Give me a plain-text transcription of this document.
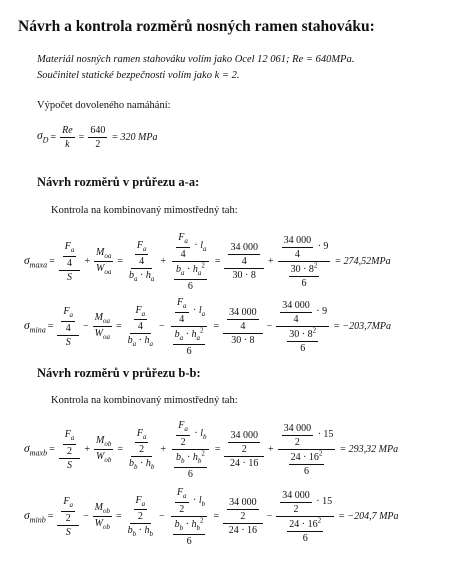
Návrh a kontrola rozměrů nosných ramen stahováku:
Materiál nosných ramen stahováku volím jako Ocel 12 061; Re = 640MPa.
Součinitel statické bezpečnosti volím jako k = 2.
Výpočet dovoleného namáhání:
$\sigma_D = \frac{Re}{k} = \frac{640}{2} = 320$ MPa
Návrh rozměrů v průřezu a-a:
Kontrola na kombinovaný mimostředný tah:
$\sigma_{maxa} = \frac{\frac{F_a}{4}}{S} + \frac{M_{oa}}{W_{oa}} = \frac{\frac{F_a}{4}}{b_a \cdot h_a} + \frac{\frac{F_a}{4} \cdot l_a}{\frac{b_a \cdot h_a^2}{6}} = \frac{\frac{34 000}{4}}{30 \cdot 8} + \frac{\frac{34 000}{4} \cdot 9}{\frac{30 \cdot 8^2}{6}} = 274,52MPa$
$\sigma_{mina} = \frac{\frac{F_a}{4}}{S} - \frac{M_{oa}}{W_{oa}} = \frac{\frac{F_a}{4}}{b_a \cdot h_a} - \frac{\frac{F_a}{4} \cdot l_a}{\frac{b_a \cdot h_a^2}{6}} = \frac{\frac{34 000}{4}}{30 \cdot 8} - \frac{\frac{34 000}{4} \cdot 9}{\frac{30 \cdot 8^2}{6}} = -203,7MPa$
Návrh rozměrů v průřezu b-b:
Kontrola na kombinovaný mimostředný tah:
$\sigma_{maxb} = \frac{\frac{F_a}{2}}{S} + \frac{M_{ob}}{W_{ob}} = \frac{\frac{F_a}{2}}{b_b \cdot h_b} + \frac{\frac{F_a}{2} \cdot l_b}{\frac{b_b \cdot h_b^2}{6}} = \frac{\frac{34 000}{2}}{24 \cdot 16} + \frac{\frac{34 000}{2} \cdot 15}{\frac{24 \cdot 16^2}{6}} = 293,32$ MPa
$\sigma_{minb} = \frac{\frac{F_a}{2}}{S} - \frac{M_{ob}}{W_{ob}} = \frac{\frac{F_a}{2}}{b_b \cdot h_b} - \frac{\frac{F_a}{2} \cdot l_b}{\frac{b_b \cdot h_b^2}{6}} = \frac{\frac{34 000}{2}}{24 \cdot 16} - \frac{\frac{34 000}{2} \cdot 15}{\frac{24 \cdot 16^2}{6}} = -204,7$ MPa
